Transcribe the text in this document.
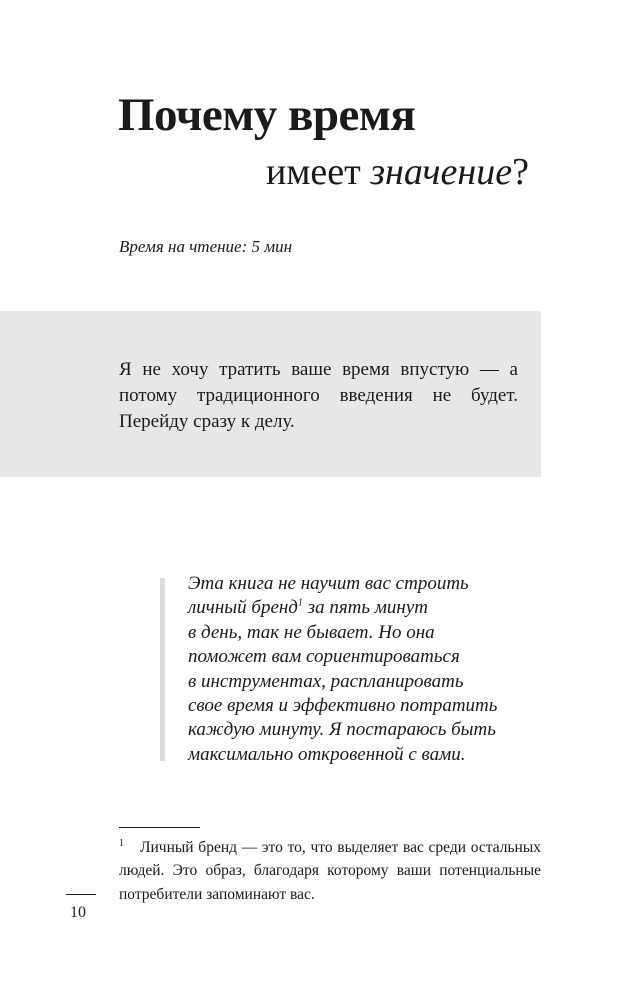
Почему время
имеет значение?
Время на чтение: 5 мин
Я не хочу тратить ваше время впустую — а потому традиционного введения не будет. Перейду сразу к делу.
Эта книга не научит вас строить
личный бренд$^1$ за пять минут
в день, так не бывает. Но она
поможет вам сориентироваться
в инструментах, распланировать
свое время и эффективно потратить
каждую минуту. Я постараюсь быть
максимально откровенной с вами.
$^1$ Личный бренд — это то, что выделяет вас среди остальных людей. Это образ, благодаря которому ваши потенциальные потребители запоминают вас.
10
